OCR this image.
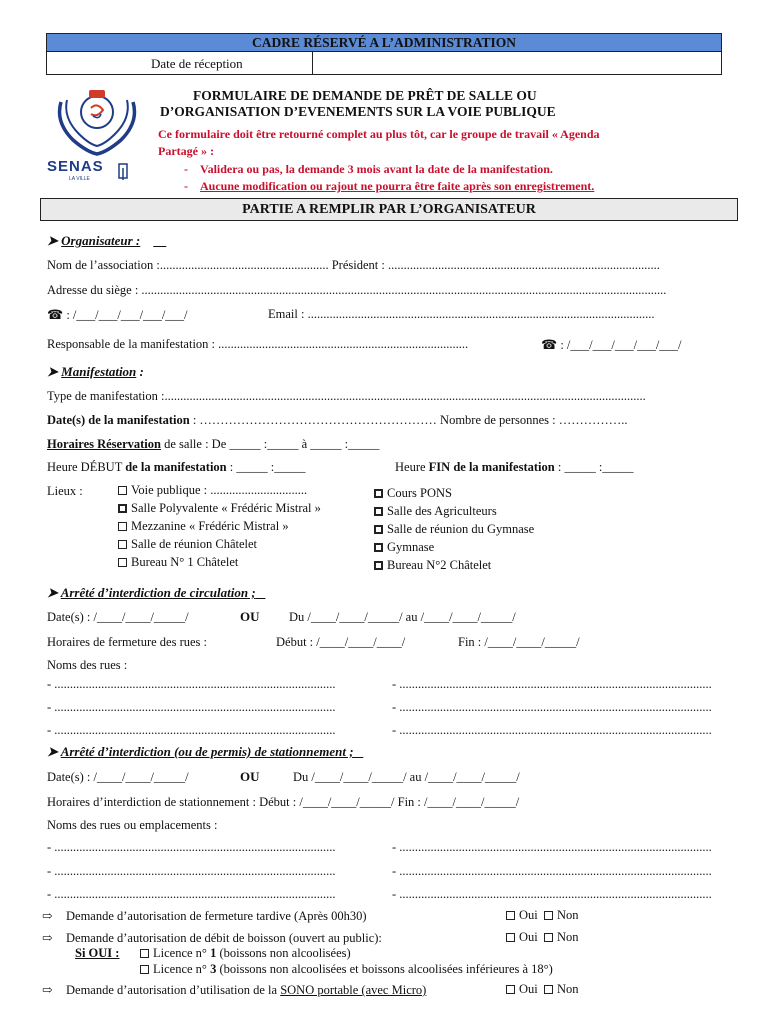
CADRE RÉSERVÉ A L’ADMINISTRATION
Date de réception
SENAS
LA VILLE
FORMULAIRE DE DEMANDE DE PRÊT DE SALLE OU
D’ORGANISATION D’EVENEMENTS SUR LA VOIE PUBLIQUE
Ce formulaire doit être retourné complet au plus tôt, car le groupe de travail « Agenda
Partagé » :
-    Validera ou pas, la demande 3 mois avant la date de la manifestation.
-    Aucune modification ou rajout ne pourra être faite après son enregistrement.
PARTIE A REMPLIR PAR L’ORGANISATEUR
➤ Organisateur :
Nom de l’association :...................................................... Président : .......................................................................................
Adresse du siège : ........................................................................................................................................................................
☎ : /___/___/___/___/___/	Email : ...............................................................................................................
Responsable de la manifestation : ................................................................................	☎ : /___/___/___/___/___/
➤ Manifestation :
Type de manifestation :..........................................................................................................................................................
Date(s) de la manifestation : ………………………………………………… Nombre de personnes : ……………..
Horaires Réservation de salle : De _____ :_____ à _____ :_____
Heure DÉBUT de la manifestation : _____ :_____	Heure FIN de la manifestation : _____ :_____
Lieux :	Voie publique : ...............................
Salle Polyvalente « Frédéric Mistral »
Mezzanine « Frédéric Mistral »
Salle de réunion Châtelet
Bureau N° 1 Châtelet
Cours PONS
Salle des Agriculteurs
Salle de réunion du Gymnase
Gymnase
Bureau N°2 Châtelet
➤ Arrêté d’interdiction de circulation ;
Date(s) : /____/____/_____/	OU Du /____/____/_____/ au /____/____/_____/
Horaires de fermeture des rues :	Début : /____/____/____/	Fin : /____/____/_____/
Noms des rues :
- ..........................................................................................	- ....................................................................................................
- ..........................................................................................	- ....................................................................................................
- ..........................................................................................	- ....................................................................................................
➤ Arrêté d’interdiction (ou de permis) de stationnement ;
Date(s) : /____/____/_____/	OU	Du /____/____/_____/ au /____/____/_____/
Horaires d’interdiction de stationnement : Début : /____/____/_____/ Fin : /____/____/_____/
Noms des rues ou emplacements :
- ..........................................................................................	- ....................................................................................................
- ..........................................................................................	- ....................................................................................................
- ..........................................................................................	- ....................................................................................................
⇨ Demande d’autorisation de fermeture tardive (Après 00h30)	Oui Non
⇨ Demande d’autorisation de débit de boisson (ouvert au public):	Oui Non
Si OUI :	Licence n° 1 (boissons non alcoolisées)
Licence n° 3 (boissons non alcoolisées et boissons alcoolisées inférieures à 18°)
⇨ Demande d’autorisation d’utilisation de la SONO portable (avec Micro)	Oui Non
